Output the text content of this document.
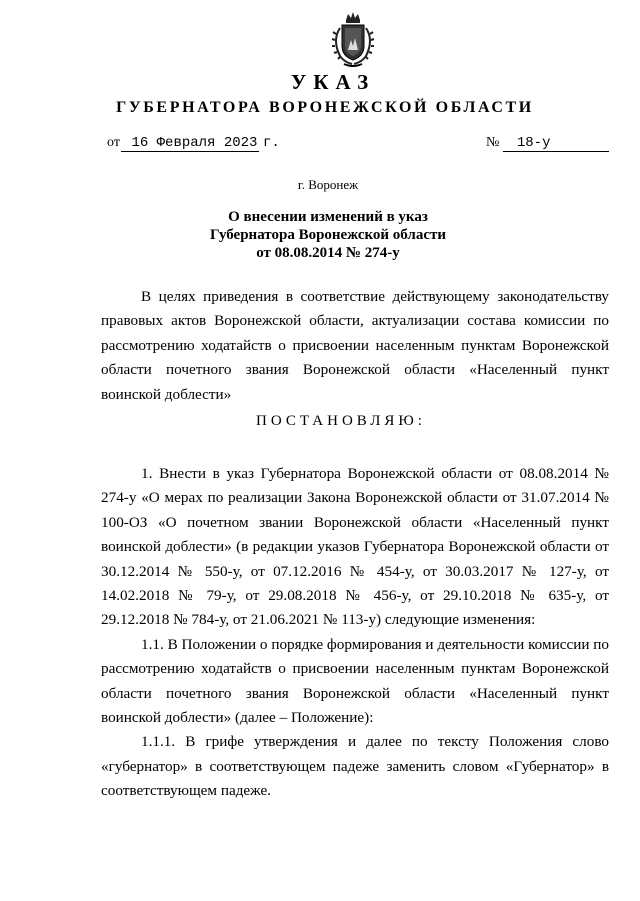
УКАЗ
ГУБЕРНАТОРА ВОРОНЕЖСКОЙ ОБЛАСТИ
от 16 Февраля 2023 г.	№ 18-у
г. Воронеж
О внесении изменений в указ
Губернатора Воронежской области
от 08.08.2014 № 274-у

В целях приведения в соответствие действующему законодательству правовых актов Воронежской области, актуализации состава комиссии по рассмотрению ходатайств о присвоении населенным пунктам Воронежской области почетного звания Воронежской области «Населенный пункт воинской доблести»

ПОСТАНОВЛЯЮ:

1. Внести в указ Губернатора Воронежской области от 08.08.2014 № 274-у «О мерах по реализации Закона Воронежской области от 31.07.2014 № 100-ОЗ «О почетном звании Воронежской области «Населенный пункт воинской доблести» (в редакции указов Губернатора Воронежской области от 30.12.2014 № 550-у, от 07.12.2016 № 454-у, от 30.03.2017 № 127-у, от 14.02.2018 № 79-у, от 29.08.2018 № 456-у, от 29.10.2018 № 635-у, от 29.12.2018 № 784-у, от 21.06.2021 № 113-у) следующие изменения:

1.1. В Положении о порядке формирования и деятельности комиссии по рассмотрению ходатайств о присвоении населенным пунктам Воронежской области почетного звания Воронежской области «Населенный пункт воинской доблести» (далее – Положение):

1.1.1. В грифе утверждения и далее по тексту Положения слово «губернатор» в соответствующем падеже заменить словом «Губернатор» в соответствующем падеже.
